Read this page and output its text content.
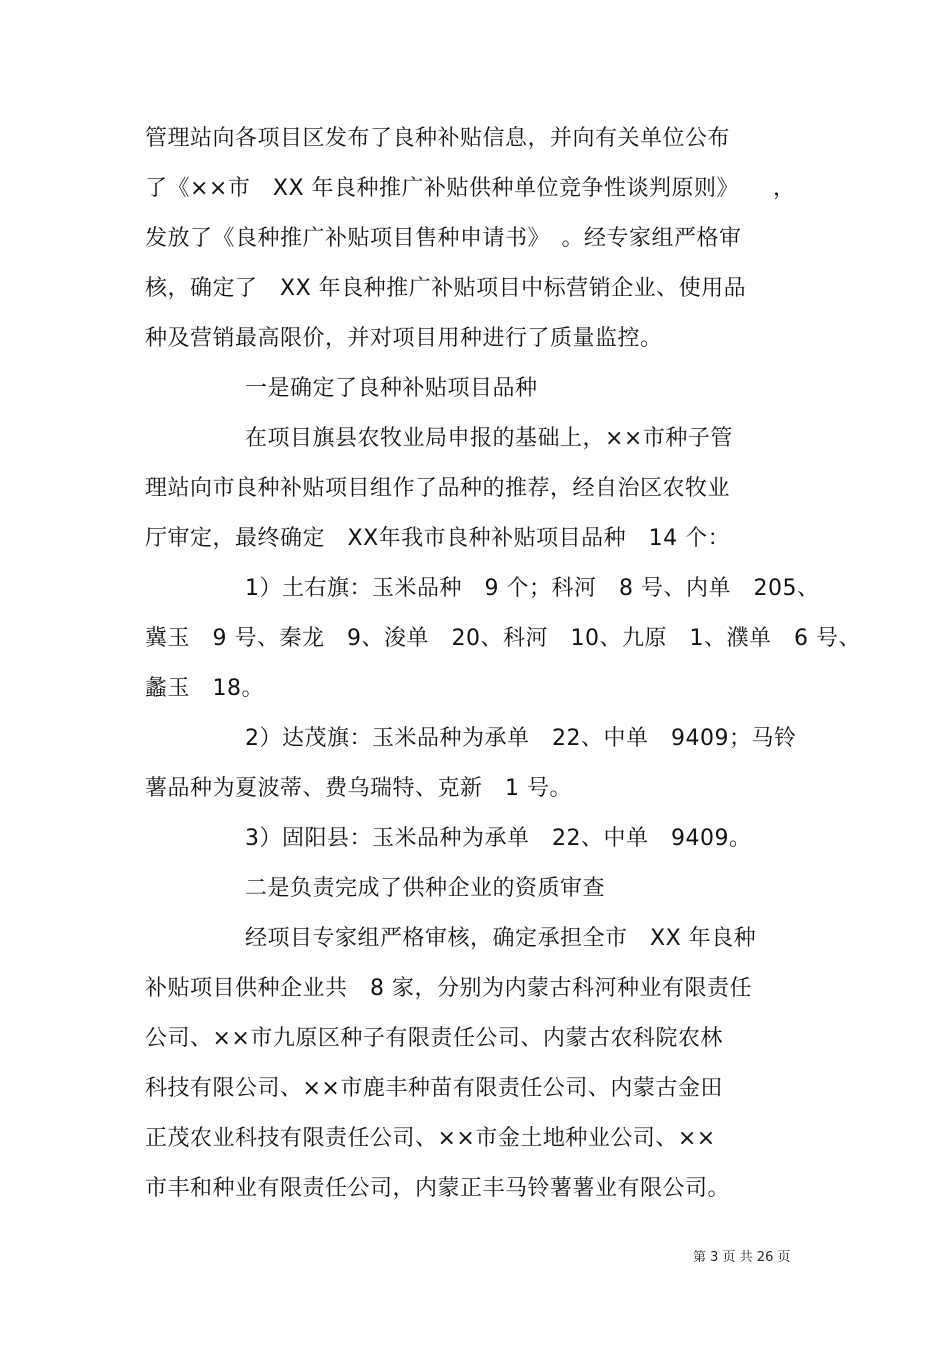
管理站向各项目区发布了良种补贴信息，并向有关单位公布

了《××市　XX 年良种推广补贴供种单位竞争性谈判原则》　　，

发放了《良种推广补贴项目售种申请书》　。经专家组严格审

核，确定了　XX 年良种推广补贴项目中标营销企业、使用品

种及营销最高限价，并对项目用种进行了质量监控。

一是确定了良种补贴项目品种

在项目旗县农牧业局申报的基础上，××市种子管

理站向市良种补贴项目组作了品种的推荐，经自治区农牧业

厅审定，最终确定　XX年我市良种补贴项目品种　14 个：

1）土右旗：玉米品种　9 个；科河　8 号、内单　205、

冀玉　9 号、秦龙　9、浚单　20、科河　10、九原　1、濮单　6 号、

蠡玉　18。

2）达茂旗：玉米品种为承单　22、中单　9409；马铃

薯品种为夏波蒂、费乌瑞特、克新　1 号。

3）固阳县：玉米品种为承单　22、中单　9409。

二是负责完成了供种企业的资质审查

经项目专家组严格审核，确定承担全市　XX 年良种

补贴项目供种企业共　8 家，分别为内蒙古科河种业有限责任

公司、××市九原区种子有限责任公司、内蒙古农科院农林

科技有限公司、××市鹿丰种苗有限责任公司、内蒙古金田

正茂农业科技有限责任公司、××市金土地种业公司、××

市丰和种业有限责任公司，内蒙正丰马铃薯薯业有限公司。

第 3 页 共 26 页
